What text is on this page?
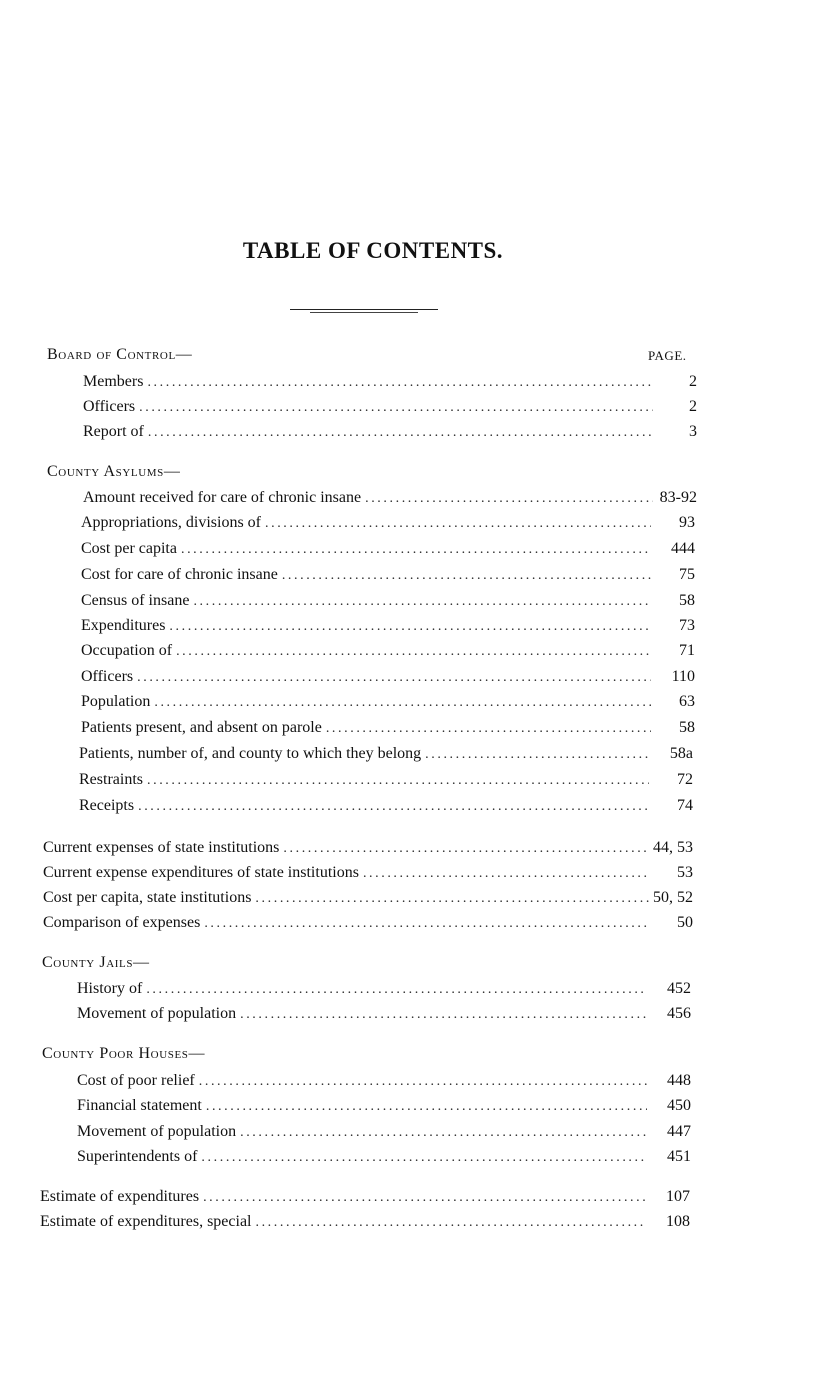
TABLE OF CONTENTS.
Board of Control—	PAGE.
Members .....	2
Officers .....	2
Report of .....	3
County Asylums—
Amount received for care of chronic insane .....	83-92
Appropriations, divisions of .....	93
Cost per capita .....	444
Cost for care of chronic insane .....	75
Census of insane .....	58
Expenditures .....	73
Occupation of .....	71
Officers .....	110
Population .....	63
Patients present, and absent on parole .....	58
Patients, number of, and county to which they belong .....	58a
Restraints .....	72
Receipts .....	74
Current expenses of state institutions .....	44, 53
Current expense expenditures of state institutions .....	53
Cost per capita, state institutions .....	50, 52
Comparison of expenses .....	50
County Jails—
History of .....	452
Movement of population .....	456
County Poor Houses—
Cost of poor relief .....	448
Financial statement .....	450
Movement of population .....	447
Superintendents of .....	451
Estimate of expenditures .....	107
Estimate of expenditures, special .....	108
